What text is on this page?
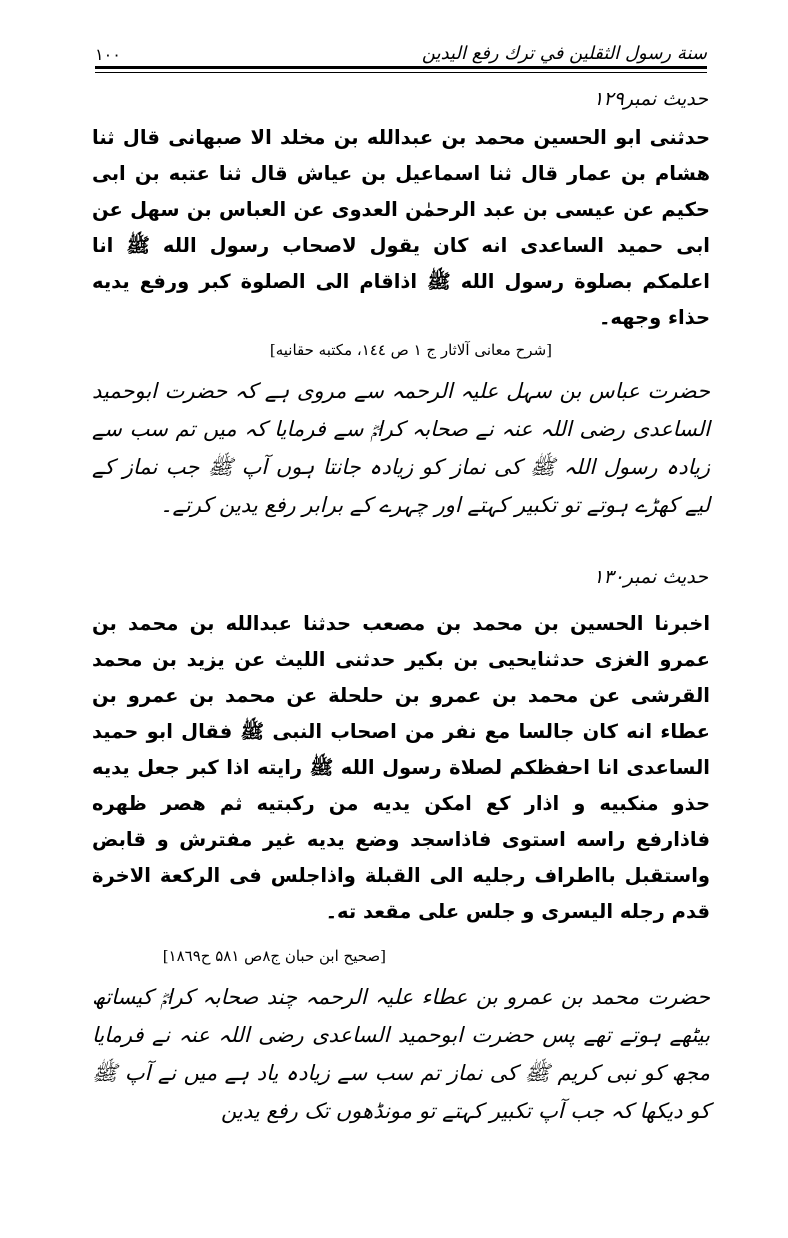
سنة رسول الثقلين في ترك رفع اليدين
١٠٠
حدیث نمبر۱۲۹
حدثنی ابو الحسین محمد بن عبدالله بن مخلد الا صبهانی قال ثنا هشام بن عمار قال ثنا اسماعیل بن عیاش قال ثنا عتبه بن ابی حکیم عن عیسی بن عبد الرحمٰن العدوی عن العباس بن سهل عن ابی حمید الساعدی انه کان یقول لاصحاب رسول الله ﷺ انا اعلمکم بصلوة رسول الله ﷺ اذاقام الی الصلوة کبر ورفع یدیه حذاء وجهه۔
[شرح معانی آلاثار ج ۱ ص ۱٤٤، مکتبه حقانیه]
حضرت عباس بن سہل علیہ الرحمہ سے مروی ہے کہ حضرت ابوحمید الساعدی رضی اللہ عنہ نے صحابہ کرامؓ سے فرمایا کہ میں تم سب سے زیادہ رسول اللہ ﷺ کی نماز کو زیادہ جانتا ہوں آپ ﷺ جب نماز کے لیے کھڑے ہوتے تو تکبیر کہتے اور چہرے کے برابر رفع یدین کرتے۔
حدیث نمبر۱۳۰
اخبرنا الحسین بن محمد بن مصعب حدثنا عبدالله بن محمد بن عمرو الغزی حدثنایحیی بن بکیر حدثنی اللیث عن یزید بن محمد القرشی عن محمد بن عمرو بن حلحلة عن محمد بن عمرو بن عطاء انه کان جالسا مع نفر من اصحاب النبی ﷺ فقال ابو حمید الساعدی انا احفظکم لصلاة رسول الله ﷺ رایته اذا کبر جعل یدیه حذو منکبیه و اذار کع امکن یدیه من رکبتیه ثم هصر ظهره فاذارفع راسه استوی فاذاسجد وضع یدیه غیر مفترش و قابض واستقبل بااطراف رجلیه الی القبلة واذاجلس فی الرکعة الاخرة قدم رجله الیسری و جلس علی مقعد ته۔
[صحیح ابن حبان ج۸ص ۵۸۱ ح۱۸٦۹]
حضرت محمد بن عمرو بن عطاء علیہ الرحمہ چند صحابہ کرامؓ کیساتھ بیٹھے ہوتے تھے پس حضرت ابوحمید الساعدی رضی اللہ عنہ نے فرمایا مجھ کو نبی کریم ﷺ کی نماز تم سب سے زیادہ یاد ہے میں نے آپ ﷺ کو دیکھا کہ جب آپ تکبیر کہتے تو مونڈھوں تک رفع یدین
